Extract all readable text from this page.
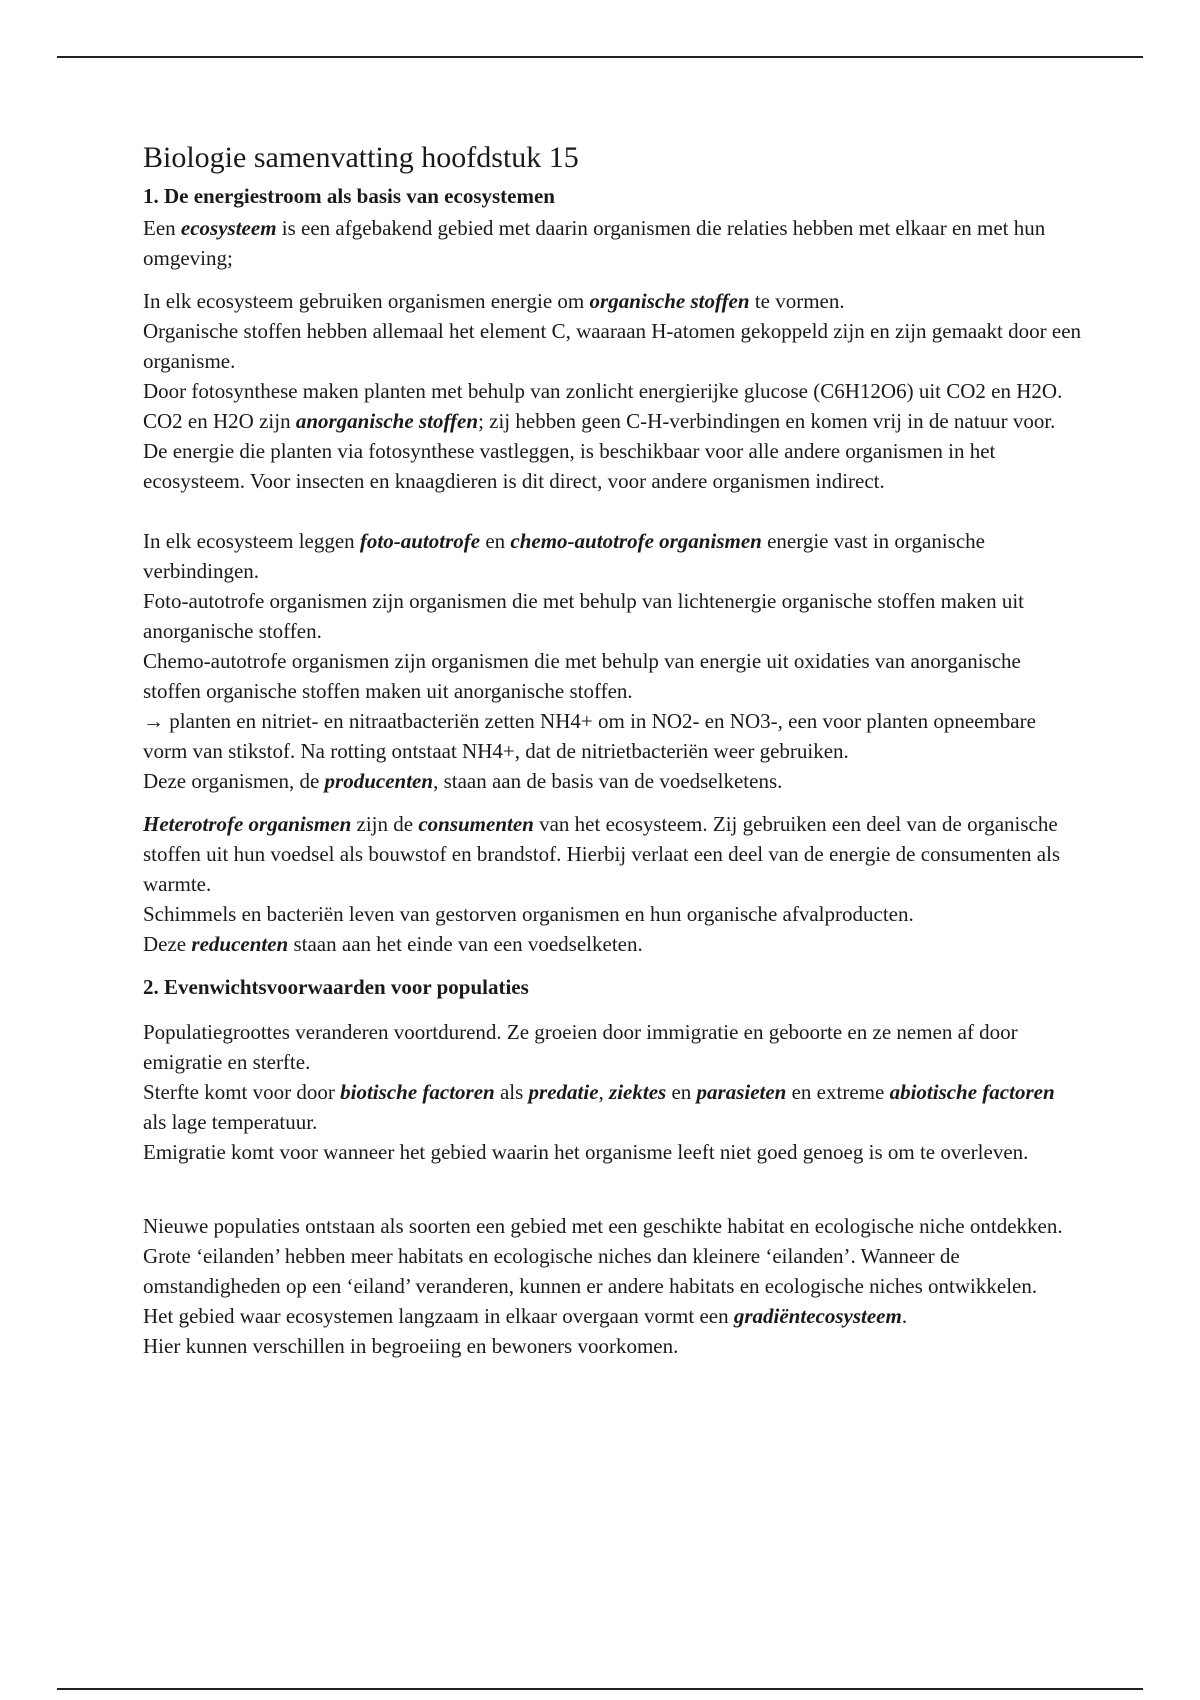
Biologie samenvatting hoofdstuk 15
1. De energiestroom als basis van ecosystemen

Een ecosysteem is een afgebakend gebied met daarin organismen die relaties hebben met elkaar en met hun omgeving;

In elk ecosysteem gebruiken organismen energie om organische stoffen te vormen.
Organische stoffen hebben allemaal het element C, waaraan H-atomen gekoppeld zijn en zijn gemaakt door een organisme.
Door fotosynthese maken planten met behulp van zonlicht energierijke glucose (C6H12O6) uit CO2 en H2O. CO2 en H2O zijn anorganische stoffen; zij hebben geen C-H-verbindingen en komen vrij in de natuur voor. De energie die planten via fotosynthese vastleggen, is beschikbaar voor alle andere organismen in het ecosysteem. Voor insecten en knaagdieren is dit direct, voor andere organismen indirect.

In elk ecosysteem leggen foto-autotrofe en chemo-autotrofe organismen energie vast in organische verbindingen.
Foto-autotrofe organismen zijn organismen die met behulp van lichtenergie organische stoffen maken uit anorganische stoffen.
Chemo-autotrofe organismen zijn organismen die met behulp van energie uit oxidaties van anorganische stoffen organische stoffen maken uit anorganische stoffen.
→ planten en nitriet- en nitraatbacteriën zetten NH4+ om in NO2- en NO3-, een voor planten opneembare vorm van stikstof. Na rotting ontstaat NH4+, dat de nitrietbacteriën weer gebruiken.
Deze organismen, de producenten, staan aan de basis van de voedselketens.

Heterotrofe organismen zijn de consumenten van het ecosysteem. Zij gebruiken een deel van de organische stoffen uit hun voedsel als bouwstof en brandstof. Hierbij verlaat een deel van de energie de consumenten als warmte.
Schimmels en bacteriën leven van gestorven organismen en hun organische afvalproducten.
Deze reducenten staan aan het einde van een voedselketen.

2. Evenwichtsvoorwaarden voor populaties

Populatiegroottes veranderen voortdurend. Ze groeien door immigratie en geboorte en ze nemen af door emigratie en sterfte.
Sterfte komt voor door biotische factoren als predatie, ziektes en parasieten en extreme abiotische factoren als lage temperatuur.
Emigratie komt voor wanneer het gebied waarin het organisme leeft niet goed genoeg is om te overleven.

Nieuwe populaties ontstaan als soorten een gebied met een geschikte habitat en ecologische niche ontdekken. Grote ‘eilanden’ hebben meer habitats en ecologische niches dan kleinere ‘eilanden’. Wanneer de omstandigheden op een ‘eiland’ veranderen, kunnen er andere habitats en ecologische niches ontwikkelen.
Het gebied waar ecosystemen langzaam in elkaar overgaan vormt een gradiëntecosysteem.
Hier kunnen verschillen in begroeiing en bewoners voorkomen.
